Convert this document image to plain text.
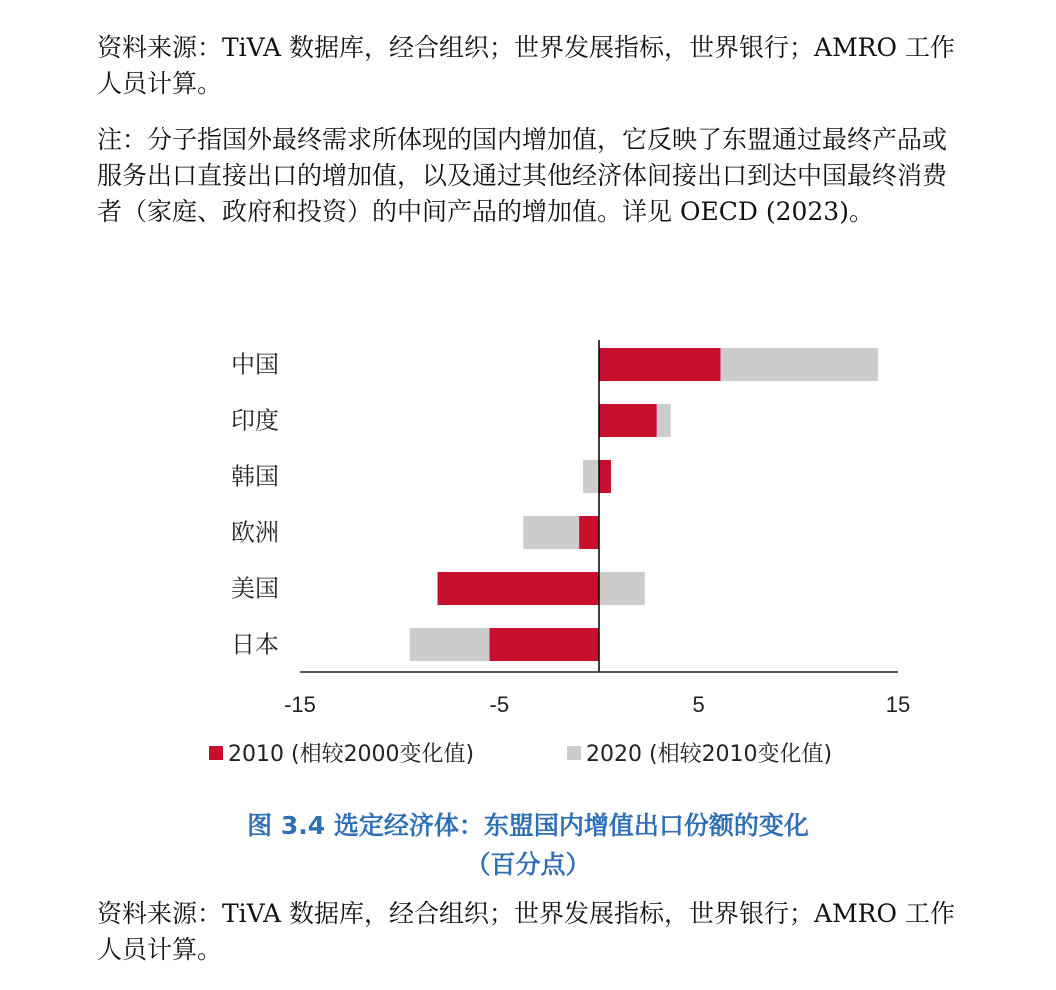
资料来源：TiVA 数据库，经合组织；世界发展指标，世界银行；AMRO 工作人员计算。

注：分子指国外最终需求所体现的国内增加值，它反映了东盟通过最终产品或服务出口直接出口的增加值，以及通过其他经济体间接出口到达中国最终消费者（家庭、政府和投资）的中间产品的增加值。详见 OECD (2023)。

中国
印度
韩国
欧洲
美国
日本
-15	-5	5	15
2010 (相较2000变化值)	2020 (相较2010变化值)

图 3.4 选定经济体：东盟国内增值出口份额的变化

（百分点）

资料来源：TiVA 数据库，经合组织；世界发展指标，世界银行；AMRO 工作人员计算。
